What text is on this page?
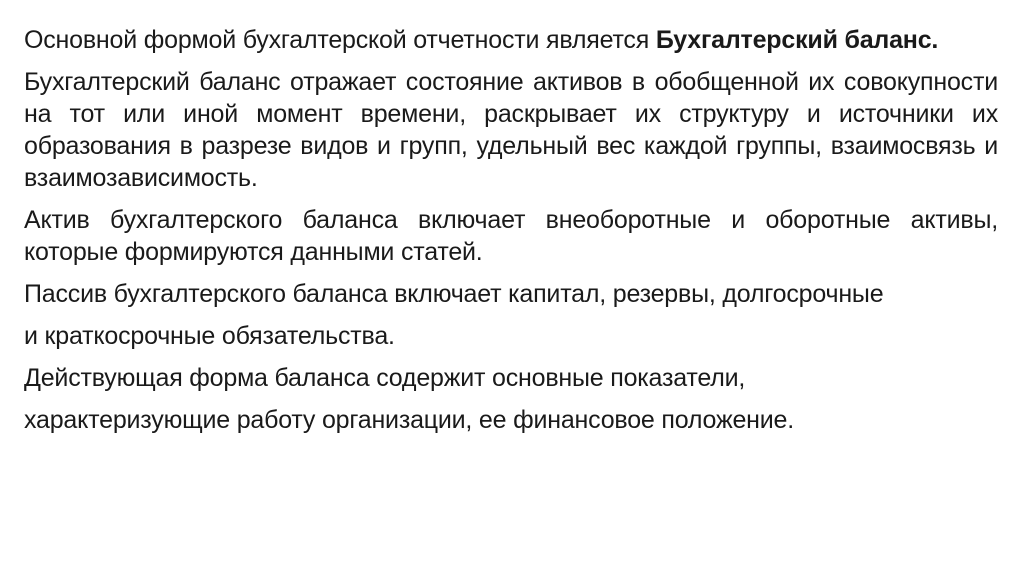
Основной формой бухгалтерской отчетности является Бухгалтерский баланс.

Бухгалтерский баланс отражает состояние активов в обобщенной их совокупности на тот или иной момент времени, раскрывает их структуру и источники их образования в разрезе видов и групп, удельный вес каждой группы, взаимосвязь и взаимозависимость.

Актив бухгалтерского баланса включает внеоборотные и оборотные активы, которые формируются данными статей.

Пассив бухгалтерского баланса включает капитал, резервы, долгосрочные

и краткосрочные обязательства.

Действующая форма баланса содержит основные показатели,

характеризующие работу организации, ее финансовое положение.
